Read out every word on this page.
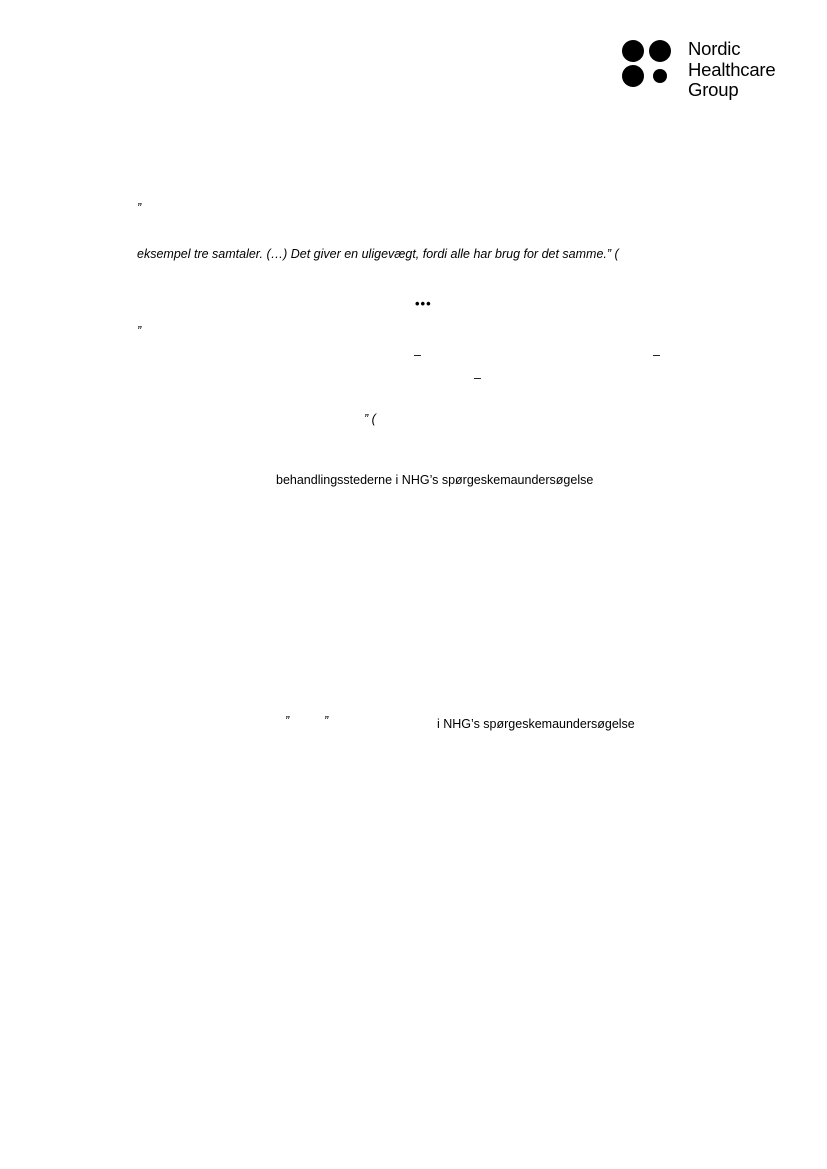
Nordic
Healthcare
Group
”
eksempel tre samtaler. (…) Det giver en uligevægt, fordi alle har brug for det samme.” (
•••
”
–	–
–
” (
behandlingsstederne i NHG’s spørgeskemaundersøgelse
”	”	i NHG’s spørgeskemaundersøgelse
